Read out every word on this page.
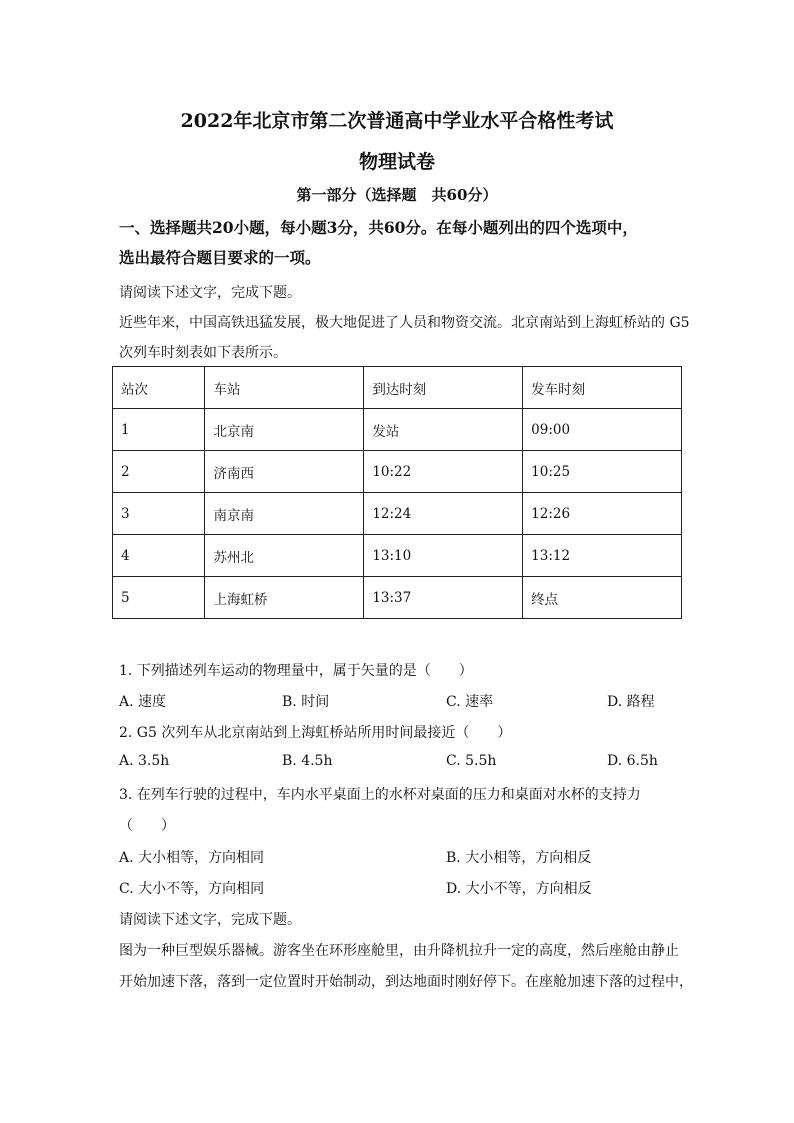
2022年北京市第二次普通高中学业水平合格性考试
物理试卷
第一部分（选择题　共60分）
一、选择题共20小题，每小题3分，共60分。在每小题列出的四个选项中，
选出最符合题目要求的一项。
请阅读下述文字，完成下题。
近些年来，中国高铁迅猛发展，极大地促进了人员和物资交流。北京南站到上海虹桥站的 G5
次列车时刻表如下表所示。
站次	车站	到达时刻	发车时刻
1	北京南	发站	09:00
2	济南西	10:22	10:25
3	南京南	12:24	12:26
4	苏州北	13:10	13:12
5	上海虹桥	13:37	终点
1. 下列描述列车运动的物理量中，属于矢量的是（　　）
A. 速度	B. 时间	C. 速率	D. 路程
2. G5 次列车从北京南站到上海虹桥站所用时间最接近（　　）
A. 3.5h	B. 4.5h	C. 5.5h	D. 6.5h
3. 在列车行驶的过程中，车内水平桌面上的水杯对桌面的压力和桌面对水杯的支持力
（　　）
A. 大小相等，方向相同	B. 大小相等，方向相反
C. 大小不等，方向相同	D. 大小不等，方向相反
请阅读下述文字，完成下题。
图为一种巨型娱乐器械。游客坐在环形座舱里，由升降机拉升一定的高度，然后座舱由静止
开始加速下落，落到一定位置时开始制动，到达地面时刚好停下。在座舱加速下落的过程中，
